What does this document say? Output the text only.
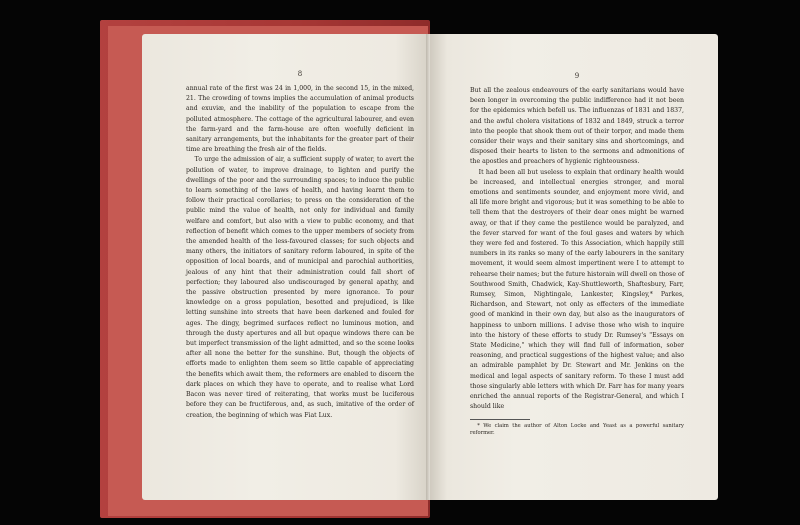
8

annual rate of the first was 24 in 1,000, in the second 15, in the mixed, 21. The crowding of towns implies the accumulation of animal products and exuviæ, and the inability of the population to escape from the polluted atmosphere. The cottage of the agricultural labourer, and even the farm-yard and the farm-house are often woefully deficient in sanitary arrangements, but the inhabitants for the greater part of their time are breathing the fresh air of the fields.

To urge the admission of air, a sufficient supply of water, to avert the pollution of water, to improve drainage, to lighten and purify the dwellings of the poor and the surrounding spaces; to induce the public to learn something of the laws of health, and having learnt them to follow their practical corollaries; to press on the consideration of the public mind the value of health, not only for individual and family welfare and comfort, but also with a view to public economy, and that reflection of benefit which comes to the upper members of society from the amended health of the less-favoured classes; for such objects and many others, the initiators of sanitary reform laboured, in spite of the opposition of local boards, and of municipal and parochial authorities, jealous of any hint that their administration could fall short of perfection; they laboured also undiscouraged by general apathy, and the passive obstruction presented by mere ignorance. To pour knowledge on a gross population, besotted and prejudiced, is like letting sunshine into streets that have been darkened and fouled for ages. The dingy, begrimed surfaces reflect no luminous motion, and through the dusty apertures and all but opaque windows there can be but imperfect transmission of the light admitted, and so the scene looks after all none the better for the sunshine. But, though the objects of efforts made to enlighten them seem so little capable of appreciating the benefits which await them, the reformers are enabled to discern the dark places on which they have to operate, and to realise what Lord Bacon was never tired of reiterating, that works must be luciferous before they can be fructiferous, and, as such, imitative of the order of creation, the beginning of which was Fiat Lux.

9

But all the zealous endeavours of the early sanitarians would have been longer in overcoming the public indifference had it not been for the epidemics which befell us. The influenzas of 1831 and 1837, and the awful cholera visitations of 1832 and 1849, struck a terror into the people that shook them out of their torpor, and made them consider their ways and their sanitary sins and shortcomings, and disposed their hearts to listen to the sermons and admonitions of the apostles and preachers of hygienic righteousness.

It had been all but useless to explain that ordinary health would be increased, and intellectual energies stronger, and moral emotions and sentiments sounder, and enjoyment more vivid, and all life more bright and vigorous; but it was something to be able to tell them that the destroyers of their dear ones might be warned away, or that if they came the pestilence would be paralyzed, and the fever starved for want of the foul gases and waters by which they were fed and fostered. To this Association, which happily still numbers in its ranks so many of the early labourers in the sanitary movement, it would seem almost impertinent were I to attempt to rehearse their names; but the future historain will dwell on those of Southwood Smith, Chadwick, Kay-Shuttleworth, Shaftesbury, Farr, Rumsey, Simon, Nightingale, Lankester, Kingsley,* Parkes, Richardson, and Stewart, not only as effecters of the immediate good of mankind in their own day, but also as the inaugurators of happiness to unborn millions. I advise those who wish to inquire into the history of these efforts to study Dr. Rumsey's "Essays on State Medicine," which they will find full of information, sober reasoning, and practical suggestions of the highest value; and also an admirable pamphlet by Dr. Stewart and Mr. Jenkins on the medical and legal aspects of sanitary reform. To these I must add those singularly able letters with which Dr. Farr has for many years enriched the annual reports of the Registrar-General, and which I should like

* We claim the author of Alton Locke and Yeast as a powerful sanitary reformer.
